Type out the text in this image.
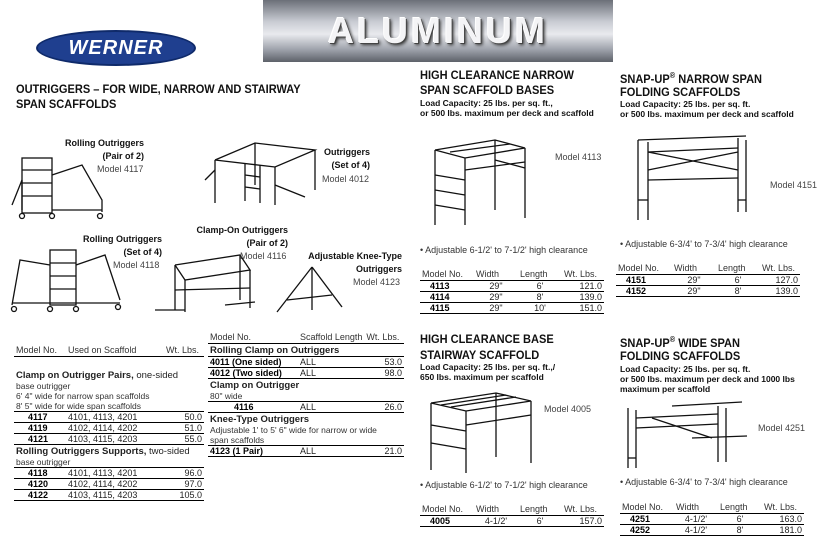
ALUMINUM
WERNER
OUTRIGGERS – FOR WIDE, NARROW AND STAIRWAY
SPAN SCAFFOLDS
Rolling Outriggers
(Pair of 2)
Model 4117
Outriggers
(Set of 4)
Model 4012
Rolling Outriggers
(Set of 4)
Model 4118
Clamp-On Outriggers
(Pair of 2)
Model 4116	Adjustable Knee-Type
Outriggers
Model 4123
Model No.	Used on Scaffold	Wt. Lbs.
Clamp on Outrigger Pairs, one-sided		
base outrigger		
6' 4" wide for narrow span scaffolds		
8' 5" wide for wide span scaffolds		
4117	4101, 4113, 4201	50.0
4119	4102, 4114, 4202	51.0
4121	4103, 4115, 4203	55.0
Rolling Outriggers Supports, two-sided		
base outrigger		
4118	4101, 4113, 4201	96.0
4120	4102, 4114, 4202	97.0
4122	4103, 4115, 4203	105.0
Model No.	Scaffold Length	Wt. Lbs.
Rolling Clamp on Outriggers		
4011 (One sided)	ALL	53.0
4012 (Two sided)	ALL	98.0
Clamp on Outrigger		
80" wide		
4116	ALL	26.0
Knee-Type Outriggers		
Adjustable 1' to 5' 6" wide for narrow or wide		
span scaffolds		
4123 (1 Pair)	ALL	21.0
HIGH CLEARANCE NARROW
SPAN SCAFFOLD BASES
Load Capacity: 25 lbs. per sq. ft.,
or 500 lbs. maximum per deck and scaffold
Model 4113
• Adjustable 6-1/2' to 7-1/2' high clearance
Model No.	Width	Length	Wt. Lbs.
4113	29"	6'	121.0
4114	29"	8'	139.0
4115	29"	10'	151.0
SNAP-UP® NARROW SPAN
FOLDING SCAFFOLDS
Load Capacity: 25 lbs. per sq. ft.
or 500 lbs. maximum per deck and scaffold
Model 4151
• Adjustable 6-3/4' to 7-3/4' high clearance
Model No.	Width	Length	Wt. Lbs.
4151	29"	6'	127.0
4152	29"	8'	139.0
HIGH CLEARANCE BASE
STAIRWAY SCAFFOLD
Load Capacity: 25 lbs. per sq. ft.,/
650 lbs. maximum per scaffold
Model 4005
• Adjustable 6-1/2' to 7-1/2' high clearance
Model No.	Width	Length	Wt. Lbs.
4005	4-1/2'	6'	157.0
SNAP-UP® WIDE SPAN
FOLDING SCAFFOLDS
Load Capacity: 25 lbs. per sq. ft.
or 500 lbs. maximum per deck and 1000 lbs
maximum per scaffold
Model 4251
• Adjustable 6-3/4' to 7-3/4' high clearance
Model No.	Width	Length	Wt. Lbs.
4251	4-1/2'	6'	163.0
4252	4-1/2'	8'	181.0
